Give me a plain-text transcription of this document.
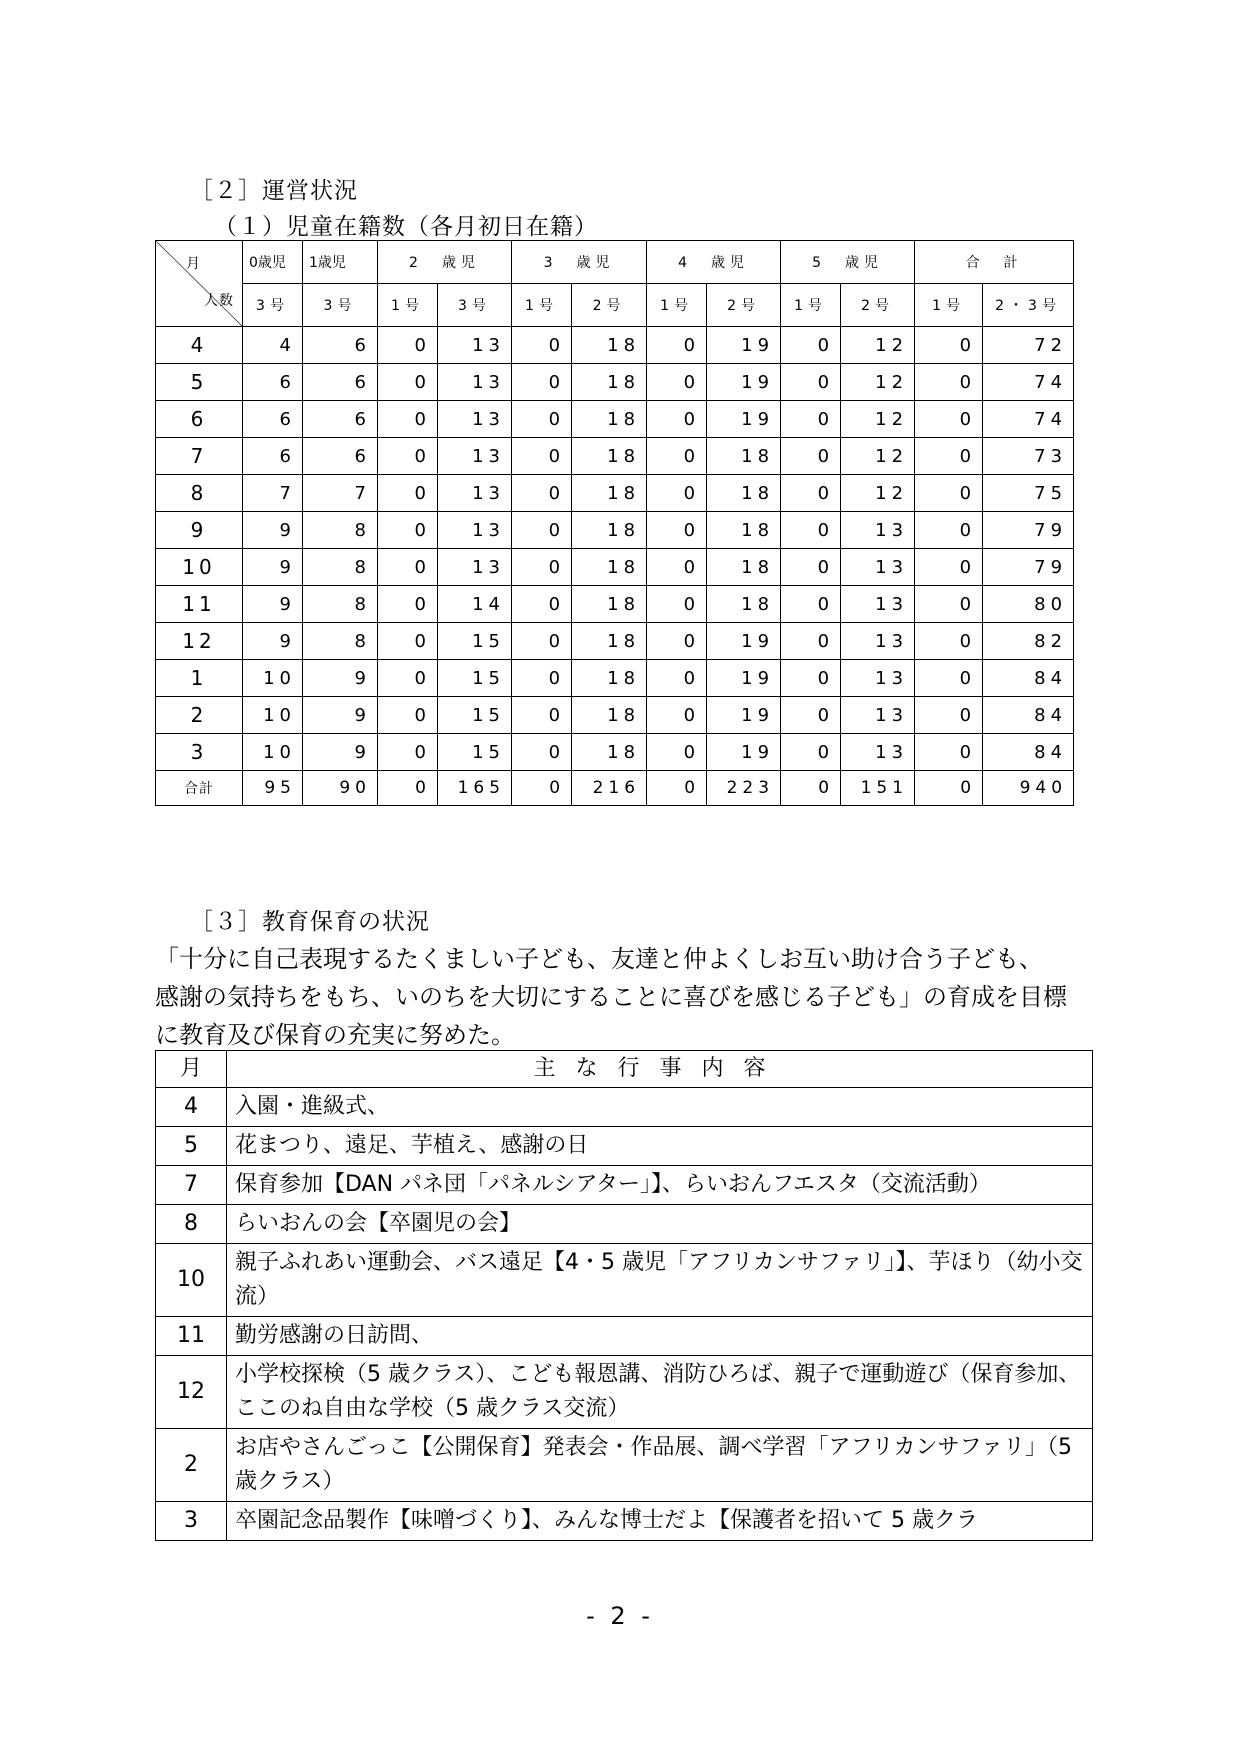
［２］運営状況
（１）児童在籍数（各月初日在籍）
月
人数	0歳児	1歳児	2　歳児		3　歳児		4　歳児		5　歳児		合　計	
	3号	3号	1号	3号	1号	2号	1号	2号	1号	2号	1号	2・3号
4	4	6	0	13	0	18	0	19	0	12	0	72
5	6	6	0	13	0	18	0	19	0	12	0	74
6	6	6	0	13	0	18	0	19	0	12	0	74
7	6	6	0	13	0	18	0	18	0	12	0	73
8	7	7	0	13	0	18	0	18	0	12	0	75
9	9	8	0	13	0	18	0	18	0	13	0	79
10	9	8	0	13	0	18	0	18	0	13	0	79
11	9	8	0	14	0	18	0	18	0	13	0	80
12	9	8	0	15	0	18	0	19	0	13	0	82
1	10	9	0	15	0	18	0	19	0	13	0	84
2	10	9	0	15	0	18	0	19	0	13	0	84
3	10	9	0	15	0	18	0	19	0	13	0	84
合計	95	90	0	165	0	216	0	223	0	151	0	940
［３］教育保育の状況
「十分に自己表現するたくましい子ども、友達と仲よくしお互い助け合う子ども、
感謝の気持ちをもち、いのちを大切にすることに喜びを感じる子ども」の育成を目標
に教育及び保育の充実に努めた。
月	主な行事内容
4	入園・進級式、
5	花まつり、遠足、芋植え、感謝の日
7	保育参加【DAN パネ団「パネルシアター」】、らいおんフエスタ（交流活動）
8	らいおんの会【卒園児の会】
10	親子ふれあい運動会、バス遠足【4・5 歳児「アフリカンサファリ」】、芋ほり（幼小交流）
11	勤労感謝の日訪問、
12	小学校探検（5 歳クラス）、こども報恩講、消防ひろば、親子で運動遊び（保育参加、ここのね自由な学校（5 歳クラス交流）
2	お店やさんごっこ【公開保育】発表会・作品展、調べ学習「アフリカンサファリ」（5 歳クラス）
3	卒園記念品製作【味噌づくり】、みんな博士だよ【保護者を招いて 5 歳クラ
- 2 -
